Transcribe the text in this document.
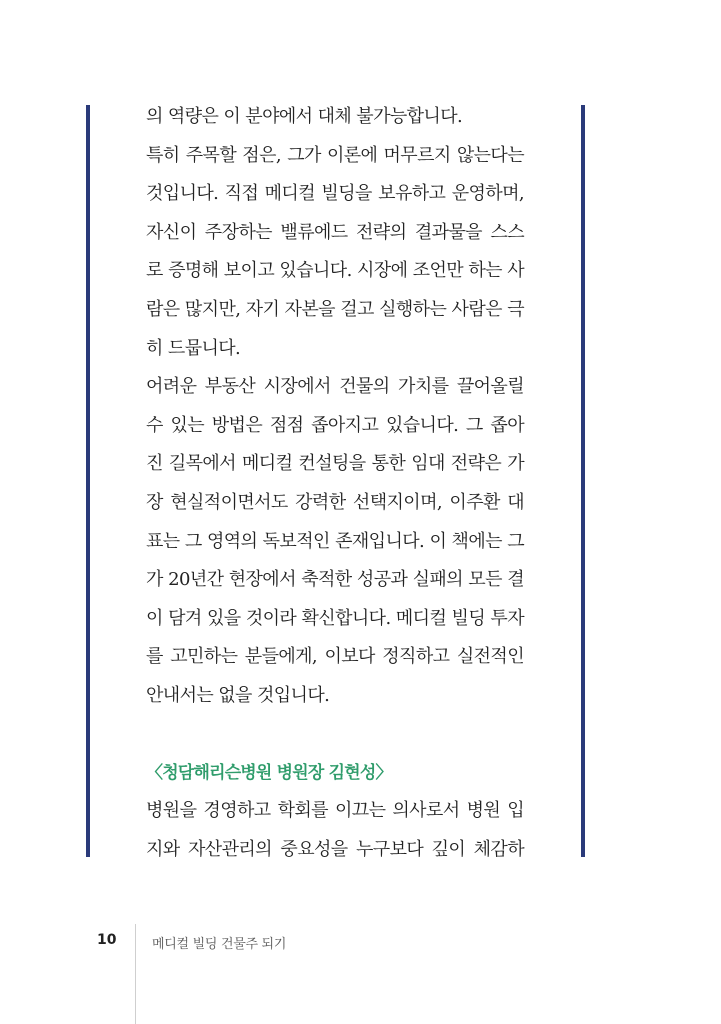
의 역량은 이 분야에서 대체 불가능합니다.
특히 주목할 점은, 그가 이론에 머무르지 않는다는
것입니다. 직접 메디컬 빌딩을 보유하고 운영하며,
자신이 주장하는 밸류에드 전략의 결과물을 스스
로 증명해 보이고 있습니다. 시장에 조언만 하는 사
람은 많지만, 자기 자본을 걸고 실행하는 사람은 극
히 드뭅니다.
어려운 부동산 시장에서 건물의 가치를 끌어올릴
수 있는 방법은 점점 좁아지고 있습니다. 그 좁아
진 길목에서 메디컬 컨설팅을 통한 임대 전략은 가
장 현실적이면서도 강력한 선택지이며, 이주환 대
표는 그 영역의 독보적인 존재입니다. 이 책에는 그
가 20년간 현장에서 축적한 성공과 실패의 모든 결
이 담겨 있을 것이라 확신합니다. 메디컬 빌딩 투자
를 고민하는 분들에게, 이보다 정직하고 실전적인
안내서는 없을 것입니다.
〈청담해리슨병원 병원장 김현성〉
병원을 경영하고 학회를 이끄는 의사로서 병원 입
지와 자산관리의 중요성을 누구보다 깊이 체감하
10	메디컬 빌딩 건물주 되기
